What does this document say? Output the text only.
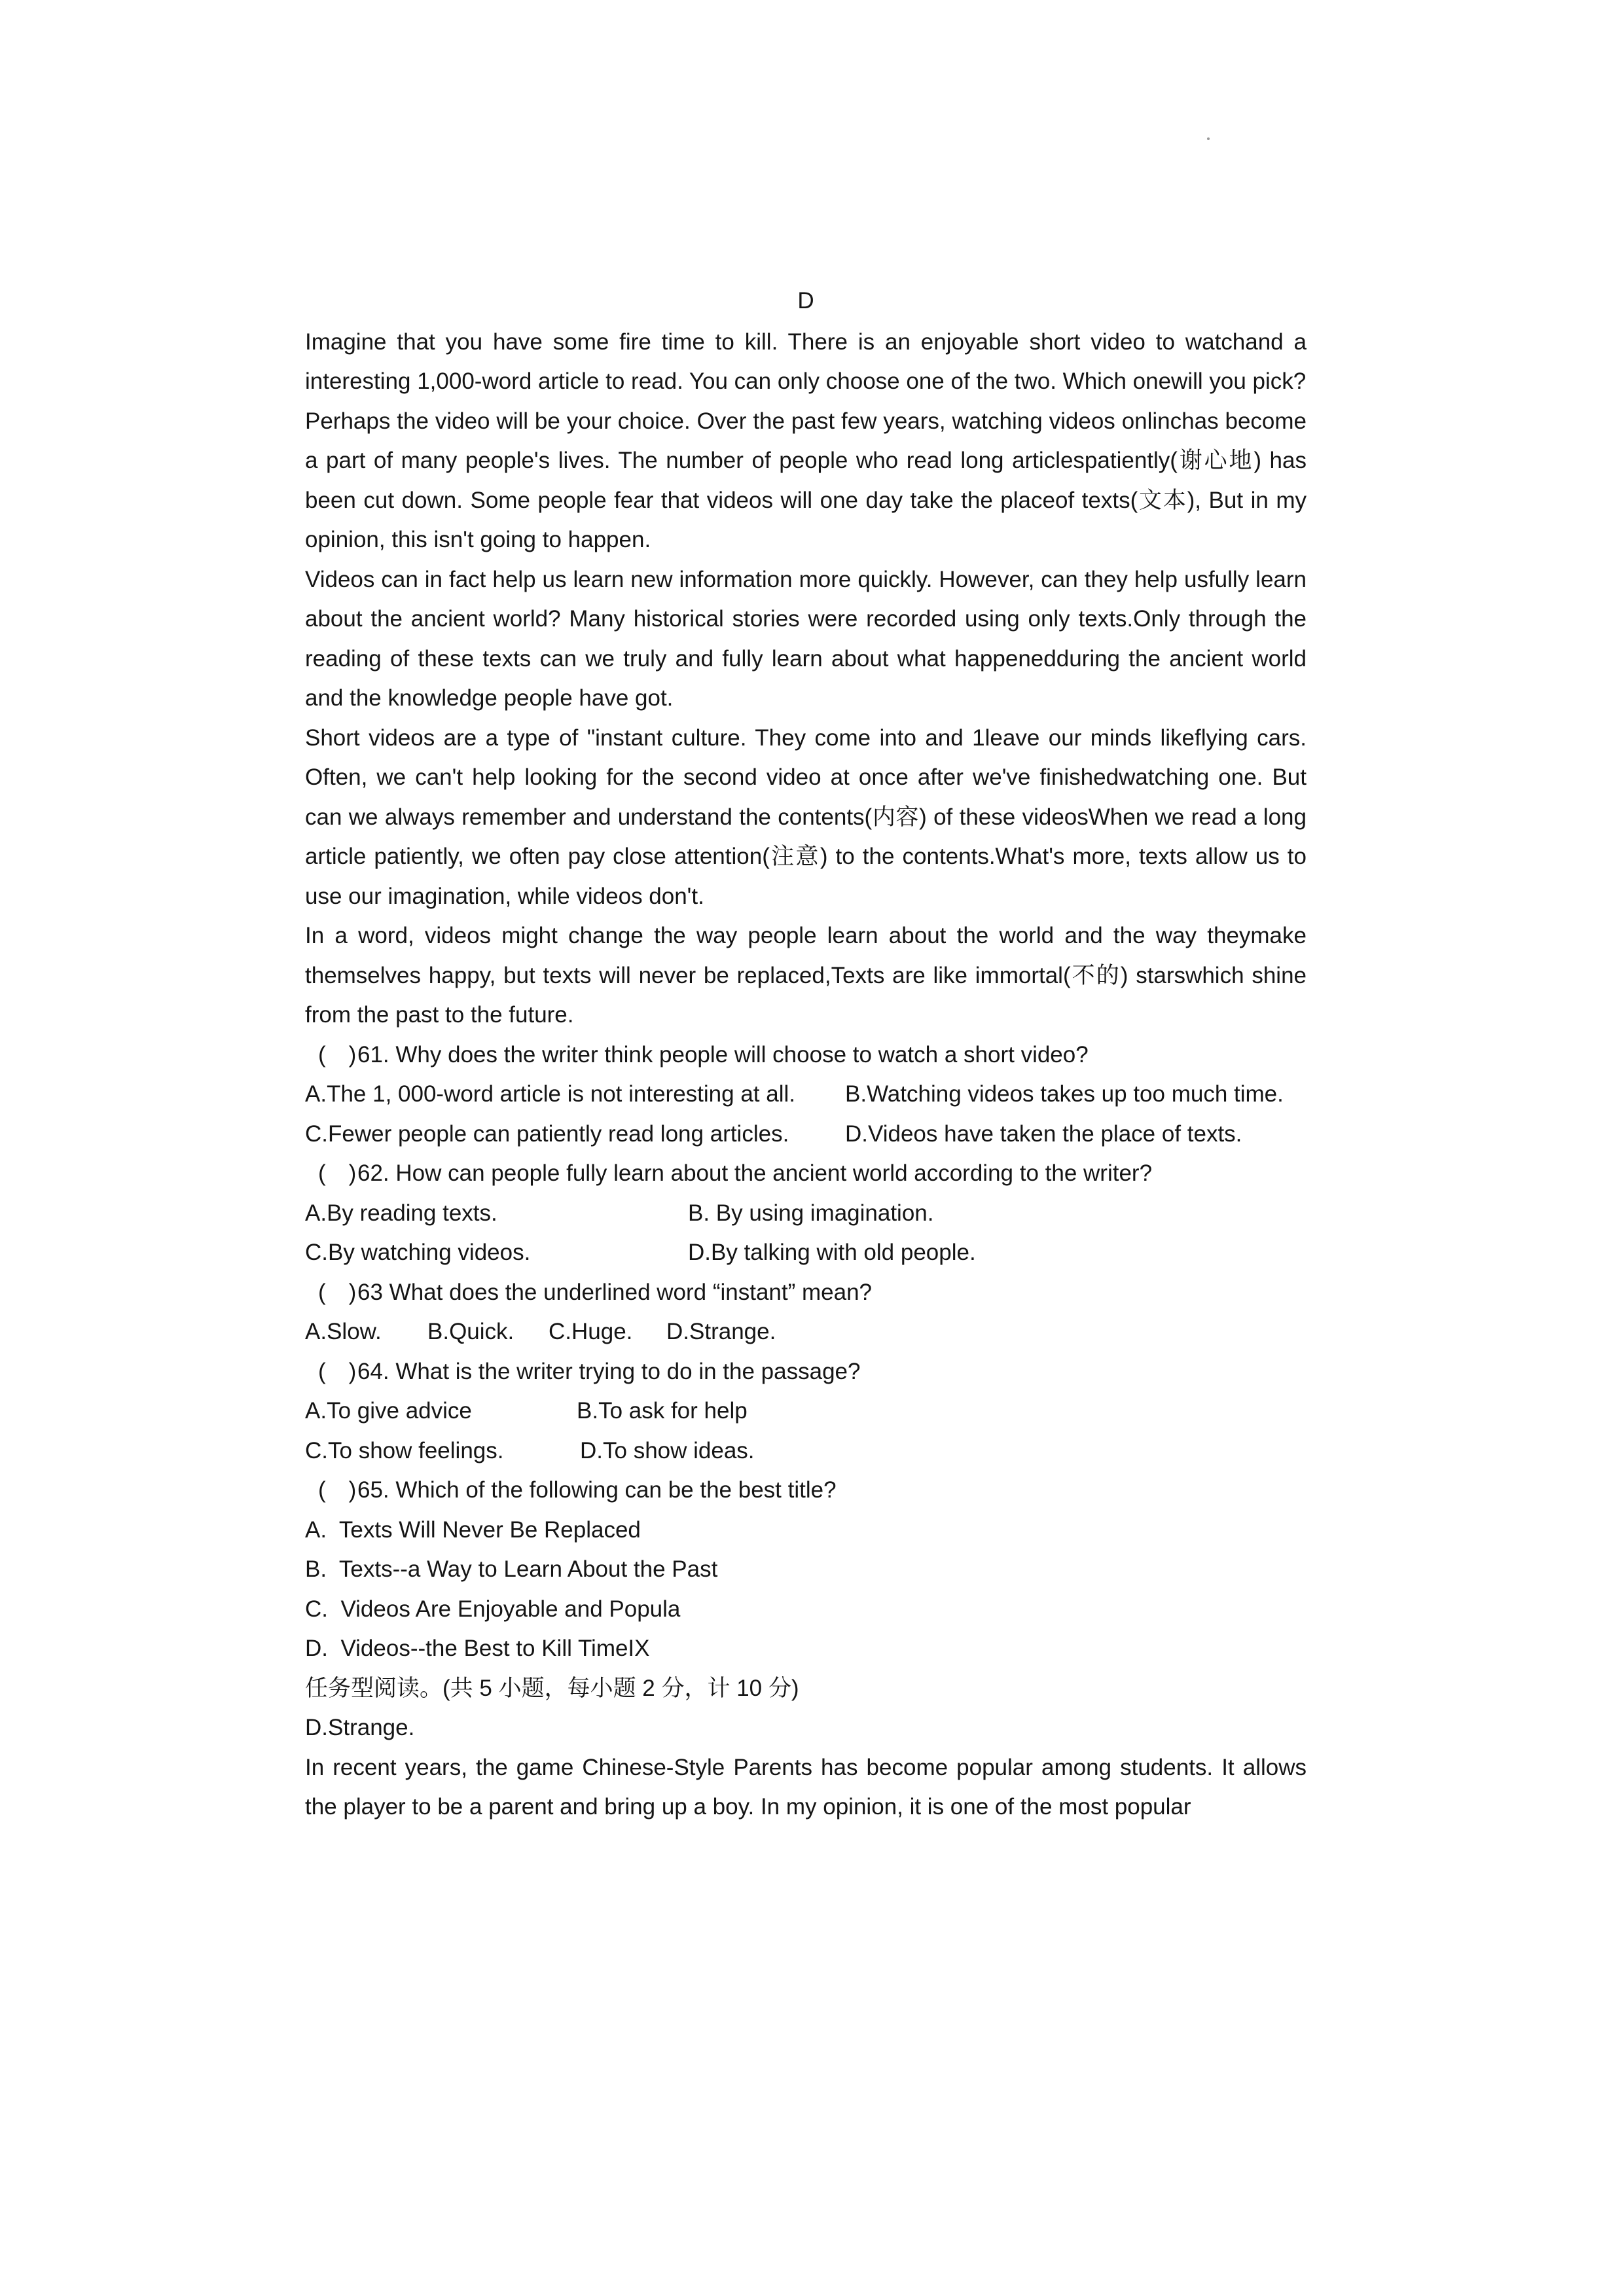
D
Imagine that you have some fire time to kill. There is an enjoyable short video to watchand a interesting 1,000-word article to read. You can only choose one of the two. Which onewill you pick?
Perhaps the video will be your choice. Over the past few years, watching videos onlinchas become a part of many people's lives. The number of people who read long articlespatiently(谢心地) has been cut down. Some people fear that videos will one day take the placeof texts(文本), But in my opinion, this isn't going to happen.
Videos can in fact help us learn new information more quickly. However, can they help usfully learn about the ancient world? Many historical stories were recorded using only texts.Only through the reading of these texts can we truly and fully learn about what happenedduring the ancient world and the knowledge people have got.
Short videos are a type of "instant culture. They come into and 1leave our minds likeflying cars. Often, we can't help looking for the second video at once after we've finishedwatching one. But can we always remember and understand the contents(内容) of these videosWhen we read a long article patiently, we often pay close attention(注意) to the contents.What's more, texts allow us to use our imagination, while videos don't.
In a word, videos might change the way people learn about the world and the way theymake themselves happy, but texts will never be replaced,Texts are like immortal(不的) starswhich shine from the past to the future.
(　)61. Why does the writer think people will choose to watch a short video?
A.The 1, 000-word article is not interesting at all.	B.Watching videos takes up too much time.
C.Fewer people can patiently read long articles.	D.Videos have taken the place of texts.
(　)62. How can people fully learn about the ancient world according to the writer?
A.By reading texts.	B. By using imagination.
C.By watching videos.	D.By talking with old people.
(　)63 What does the underlined word “instant” mean?
A.Slow. B.Quick. C.Huge. D.Strange.
(　)64. What is the writer trying to do in the passage?
A.To give advice	B.To ask for help
C.To show feelings.	D.To show ideas.
(　)65. Which of the following can be the best title?
A.  Texts Will Never Be Replaced
B.  Texts--a Way to Learn About the Past
C.  Videos Are Enjoyable and Popula
D.  Videos--the Best to Kill TimeIX
任务型阅读。(共 5 小题，每小题 2 分，计 10 分)
D.Strange.
In recent years, the game Chinese-Style Parents has become popular among students. It allows the player to be a parent and bring up a boy. In my opinion, it is one of the most popular
